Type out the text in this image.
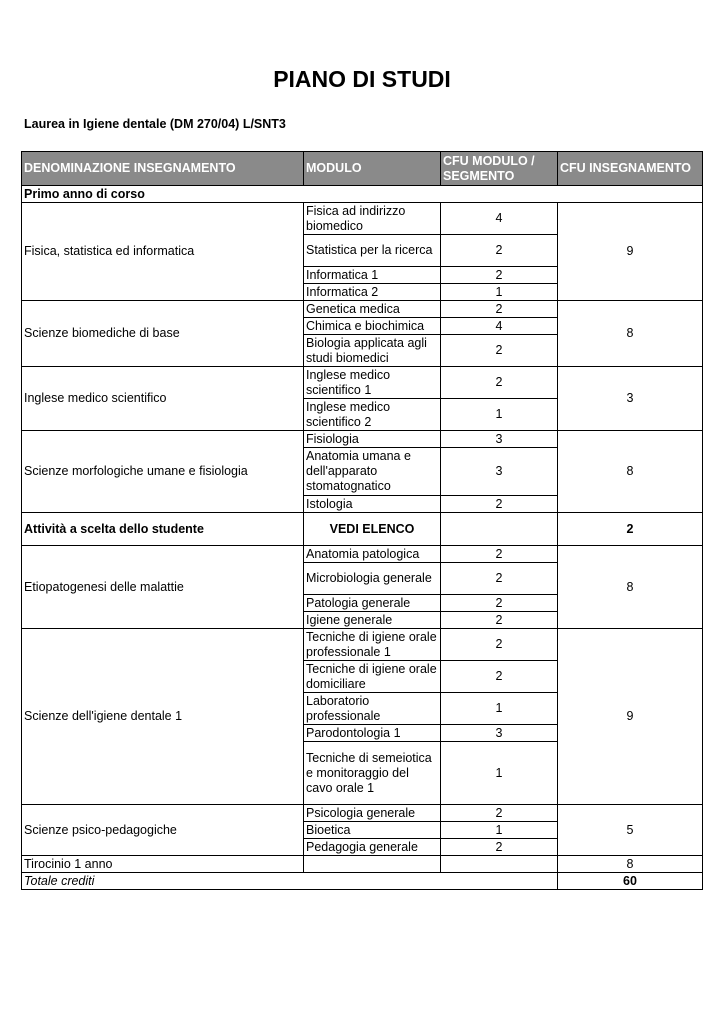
PIANO DI STUDI
Laurea in Igiene dentale (DM 270/04) L/SNT3
DENOMINAZIONE INSEGNAMENTO	MODULO	CFU MODULO / SEGMENTO	CFU INSEGNAMENTO
Primo anno di corso			
Fisica, statistica ed informatica	Fisica ad indirizzo biomedico	4	9
	Statistica per la ricerca	2	
	Informatica 1	2	
	Informatica 2	1	
Scienze biomediche di base	Genetica medica	2	8
	Chimica e biochimica	4	
	Biologia applicata agli studi biomedici	2	
Inglese medico scientifico	Inglese medico scientifico 1	2	3
	Inglese medico scientifico 2	1	
Scienze morfologiche umane e fisiologia	Fisiologia	3	8
	Anatomia umana e dell'apparato stomatognatico	3	
	Istologia	2	
Attività a scelta dello studente	VEDI ELENCO		2
Etiopatogenesi delle malattie	Anatomia patologica	2	8
	Microbiologia generale	2	
	Patologia generale	2	
	Igiene generale	2	
Scienze dell'igiene dentale 1	Tecniche di igiene orale professionale 1	2	9
	Tecniche di igiene orale domiciliare	2	
	Laboratorio professionale	1	
	Parodontologia 1	3	
	Tecniche di semeiotica e monitoraggio del cavo orale 1	1	
Scienze psico-pedagogiche	Psicologia generale	2	5
	Bioetica	1	
	Pedagogia generale	2	
Tirocinio 1 anno			8
Totale crediti			60
